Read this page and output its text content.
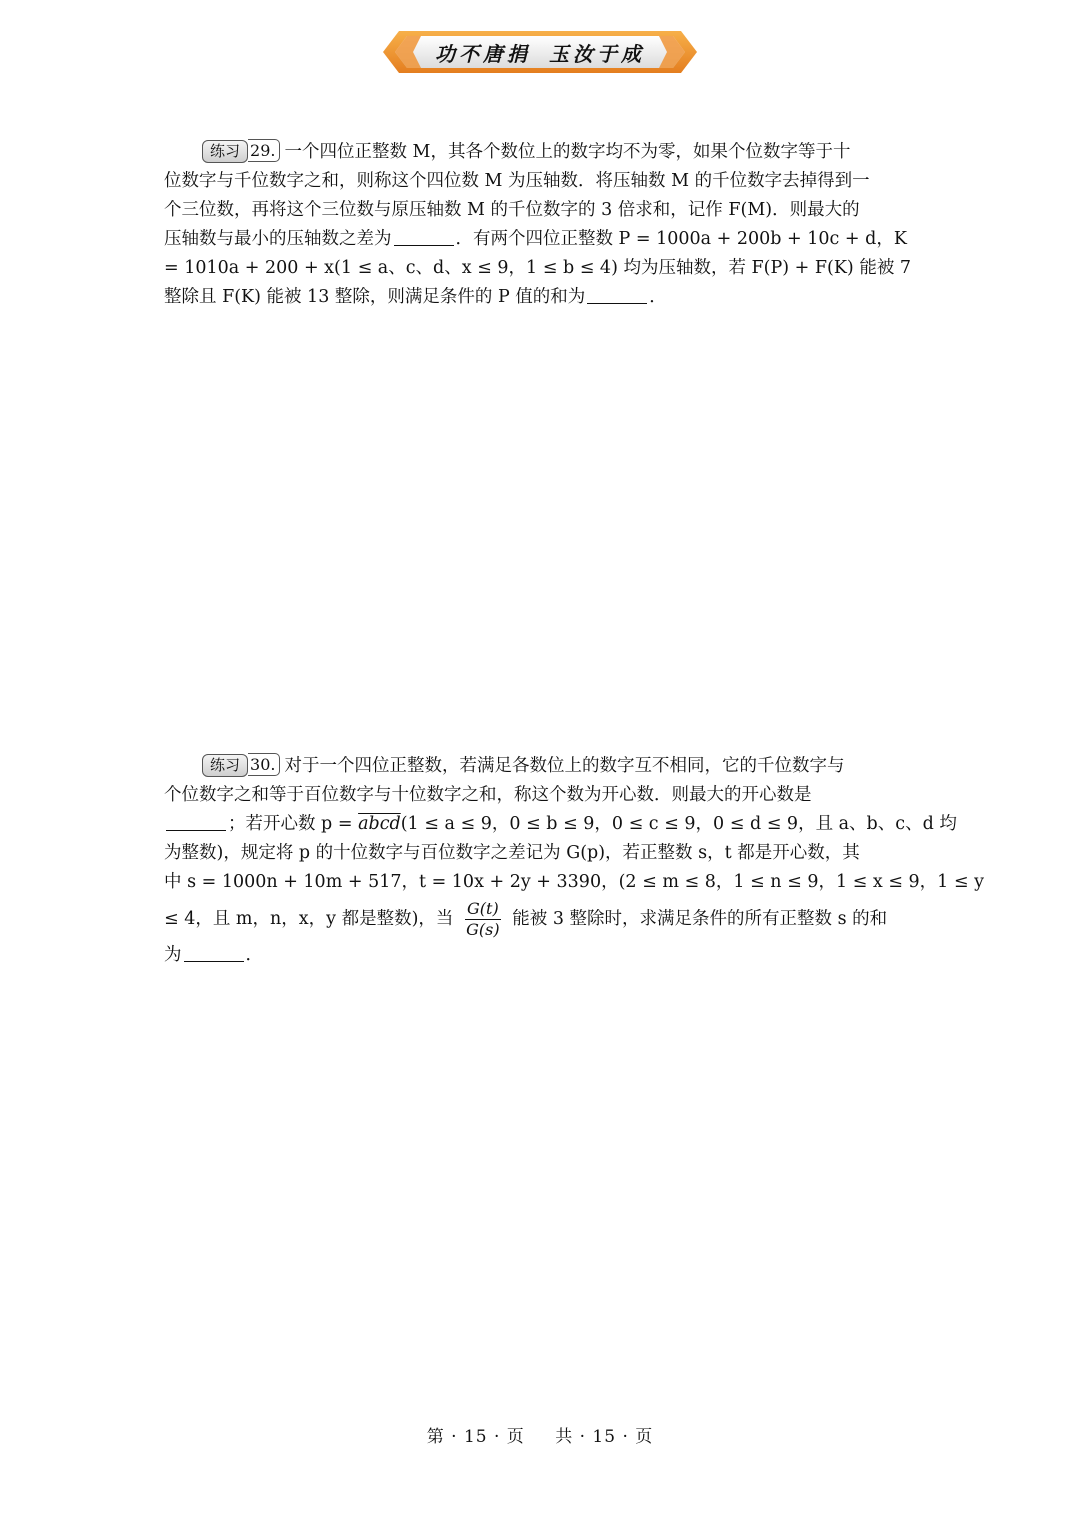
功不唐捐 玉汝于成
练习 29. 一个四位正整数 M，其各个数位上的数字均不为零，如果个位数字等于十
位数字与千位数字之和，则称这个四位数 M 为压轴数．将压轴数 M 的千位数字去掉得到一
个三位数，再将这个三位数与原压轴数 M 的千位数字的 3 倍求和，记作 F(M)．则最大的
压轴数与最小的压轴数之差为	．有两个四位正整数 P = 1000a + 200b + 10c + d，K
= 1010a + 200 + x(1 ≤ a、c、d、x ≤ 9，1 ≤ b ≤ 4) 均为压轴数，若 F(P) + F(K) 能被 7
整除且 F(K) 能被 13 整除，则满足条件的 P 值的和为	．
练习 30. 对于一个四位正整数，若满足各数位上的数字互不相同，它的千位数字与
个位数字之和等于百位数字与十位数字之和，称这个数为开心数．则最大的开心数是
；若开心数 p = abcd(1 ≤ a ≤ 9，0 ≤ b ≤ 9，0 ≤ c ≤ 9，0 ≤ d ≤ 9，且 a、b、c、d 均
为整数)，规定将 p 的十位数字与百位数字之差记为 G(p)，若正整数 s，t 都是开心数，其
中 s = 1000n + 10m + 517，t = 10x + 2y + 3390，(2 ≤ m ≤ 8，1 ≤ n ≤ 9，1 ≤ x ≤ 9，1 ≤ y
≤ 4，且 m，n，x，y 都是整数)，当 $\frac{G(t)}{G(s)}$ 能被 3 整除时，求满足条件的所有正整数 s 的和
为	．
第 · 15 · 页 共 · 15 · 页
